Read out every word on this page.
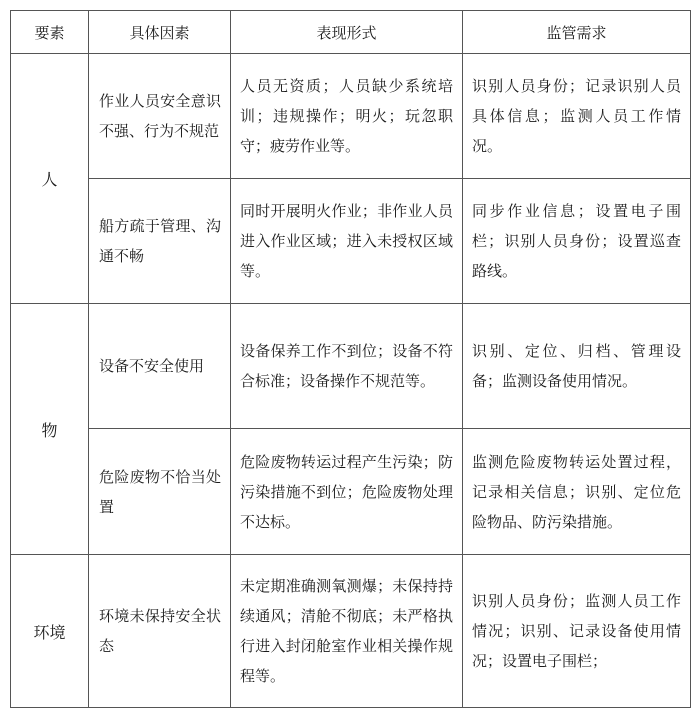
要素	具体因素	表现形式	监管需求
人	作业人员安全意识不强、行为不规范	人员无资质；人员缺少系统培训；违规操作；明火；玩忽职守；疲劳作业等。	识别人员身份；记录识别人员具体信息；监测人员工作情况。
	船方疏于管理、沟通不畅	同时开展明火作业；非作业人员进入作业区域；进入未授权区域等。	同步作业信息；设置电子围栏；识别人员身份；设置巡查路线。
物	设备不安全使用	设备保养工作不到位；设备不符合标准；设备操作不规范等。	识别、定位、归档、管理设备；监测设备使用情况。
	危险废物不恰当处置	危险废物转运过程产生污染；防污染措施不到位；危险废物处理不达标。	监测危险废物转运处置过程，记录相关信息；识别、定位危险物品、防污染措施。
环境	环境未保持安全状态	未定期准确测氧测爆；未保持持续通风；清舱不彻底；未严格执行进入封闭舱室作业相关操作规程等。	识别人员身份；监测人员工作情况；识别、记录设备使用情况；设置电子围栏；
